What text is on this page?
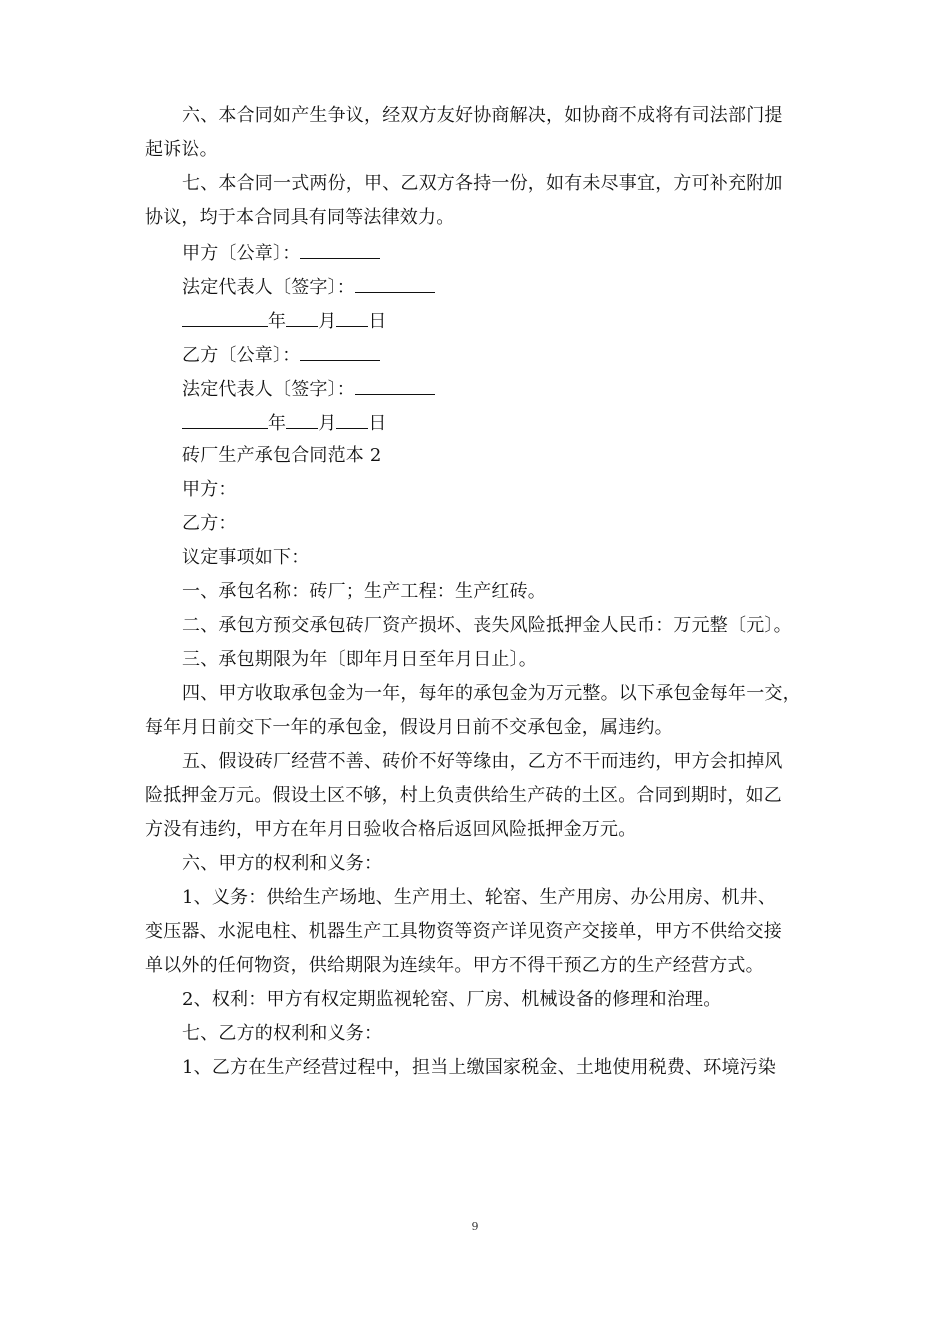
六、本合同如产生争议，经双方友好协商解决，如协商不成将有司法部门提
起诉讼。
七、本合同一式两份，甲、乙双方各持一份，如有未尽事宜，方可补充附加
协议，均于本合同具有同等法律效力。
甲方〔公章〕：
法定代表人〔签字〕：
年 月 日
乙方〔公章〕：
法定代表人〔签字〕：
年 月 日
砖厂生产承包合同范本 2
甲方：
乙方：
议定事项如下：
一、承包名称：砖厂；生产工程：生产红砖。
二、承包方预交承包砖厂资产损坏、丧失风险抵押金人民币：万元整〔元〕。
三、承包期限为年〔即年月日至年月日止〕。
四、甲方收取承包金为一年，每年的承包金为万元整。以下承包金每年一交，
每年月日前交下一年的承包金，假设月日前不交承包金，属违约。
五、假设砖厂经营不善、砖价不好等缘由，乙方不干而违约，甲方会扣掉风
险抵押金万元。假设土区不够，村上负责供给生产砖的土区。合同到期时，如乙
方没有违约，甲方在年月日验收合格后返回风险抵押金万元。
六、甲方的权利和义务：
1、义务：供给生产场地、生产用土、轮窑、生产用房、办公用房、机井、
变压器、水泥电柱、机器生产工具物资等资产详见资产交接单，甲方不供给交接
单以外的任何物资，供给期限为连续年。甲方不得干预乙方的生产经营方式。
2、权利：甲方有权定期监视轮窑、厂房、机械设备的修理和治理。
七、乙方的权利和义务：
1、乙方在生产经营过程中，担当上缴国家税金、土地使用税费、环境污染
9
